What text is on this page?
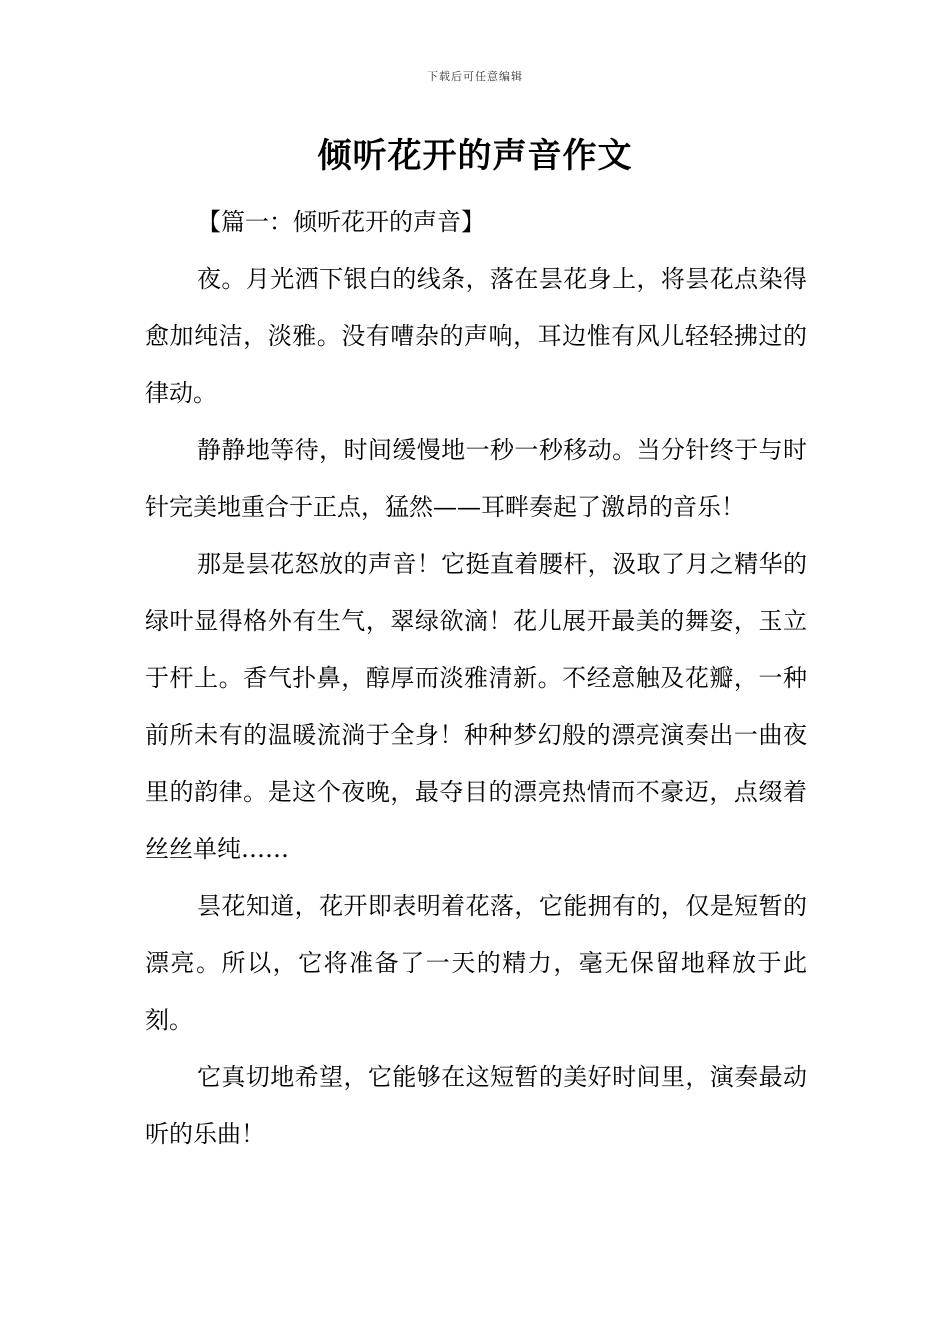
下载后可任意编辑
倾听花开的声音作文

【篇一：倾听花开的声音】

夜。月光洒下银白的线条，落在昙花身上，将昙花点染得愈加纯洁，淡雅。没有嘈杂的声响，耳边惟有风儿轻轻拂过的律动。

静静地等待，时间缓慢地一秒一秒移动。当分针终于与时针完美地重合于正点，猛然——耳畔奏起了激昂的音乐！

那是昙花怒放的声音！它挺直着腰杆，汲取了月之精华的绿叶显得格外有生气，翠绿欲滴！花儿展开最美的舞姿，玉立于杆上。香气扑鼻，醇厚而淡雅清新。不经意触及花瓣，一种前所未有的温暖流淌于全身！种种梦幻般的漂亮演奏出一曲夜里的韵律。是这个夜晚，最夺目的漂亮热情而不豪迈，点缀着丝丝单纯……

昙花知道，花开即表明着花落，它能拥有的，仅是短暂的漂亮。所以，它将准备了一天的精力，毫无保留地释放于此刻。

它真切地希望，它能够在这短暂的美好时间里，演奏最动听的乐曲！
